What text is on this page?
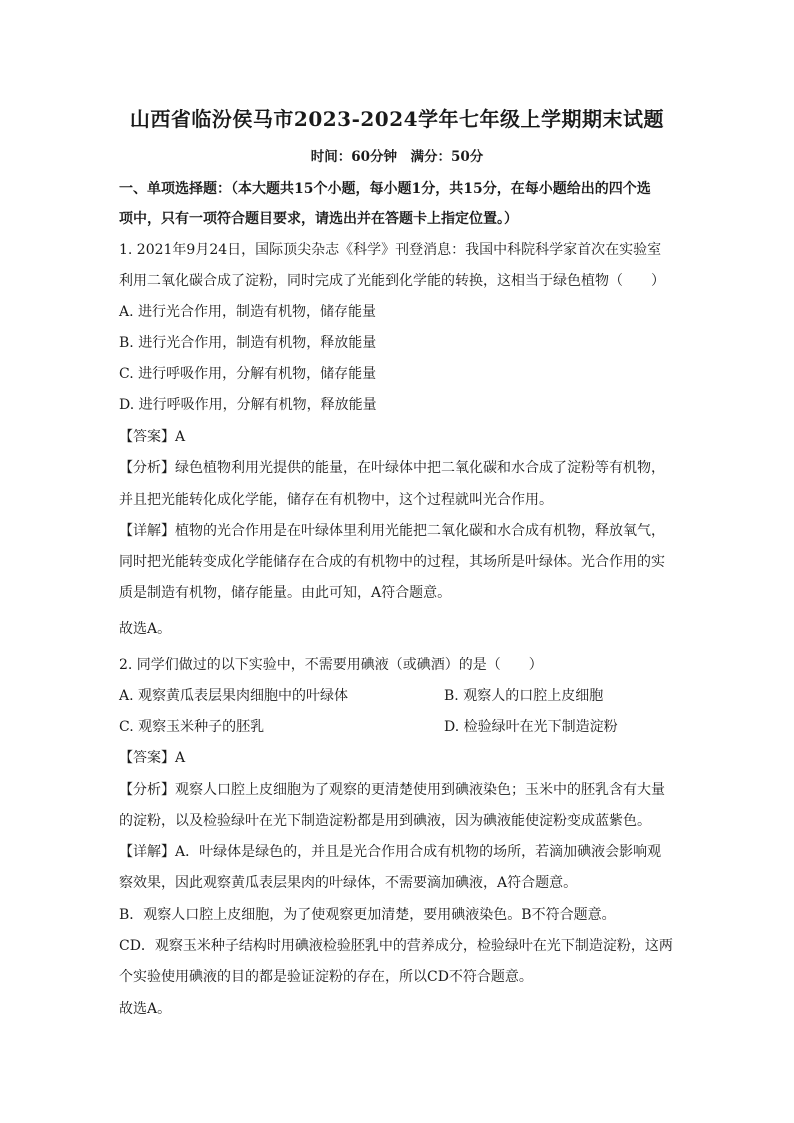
山西省临汾侯马市2023-2024学年七年级上学期期末试题
时间：60分钟　满分：50分
一、单项选择题：（本大题共15个小题，每小题1分，共15分，在每小题给出的四个选
项中，只有一项符合题目要求，请选出并在答题卡上指定位置。）
1. 2021年9月24日，国际顶尖杂志《科学》刊登消息：我国中科院科学家首次在实验室
利用二氧化碳合成了淀粉，同时完成了光能到化学能的转换，这相当于绿色植物（　　）
A. 进行光合作用，制造有机物，储存能量
B. 进行光合作用，制造有机物，释放能量
C. 进行呼吸作用，分解有机物，储存能量
D. 进行呼吸作用，分解有机物，释放能量
【答案】A
【分析】绿色植物利用光提供的能量，在叶绿体中把二氧化碳和水合成了淀粉等有机物，
并且把光能转化成化学能，储存在有机物中，这个过程就叫光合作用。
【详解】植物的光合作用是在叶绿体里利用光能把二氧化碳和水合成有机物，释放氧气，
同时把光能转变成化学能储存在合成的有机物中的过程，其场所是叶绿体。光合作用的实
质是制造有机物，储存能量。由此可知，A符合题意。
故选A。
2. 同学们做过的以下实验中，不需要用碘液（或碘酒）的是（　　）
A. 观察黄瓜表层果肉细胞中的叶绿体	B. 观察人的口腔上皮细胞
C. 观察玉米种子的胚乳	D. 检验绿叶在光下制造淀粉
【答案】A
【分析】观察人口腔上皮细胞为了观察的更清楚使用到碘液染色；玉米中的胚乳含有大量
的淀粉，以及检验绿叶在光下制造淀粉都是用到碘液，因为碘液能使淀粉变成蓝紫色。
【详解】A．叶绿体是绿色的，并且是光合作用合成有机物的场所，若滴加碘液会影响观
察效果，因此观察黄瓜表层果肉的叶绿体，不需要滴加碘液，A符合题意。
B．观察人口腔上皮细胞，为了使观察更加清楚，要用碘液染色。B不符合题意。
CD．观察玉米种子结构时用碘液检验胚乳中的营养成分，检验绿叶在光下制造淀粉，这两
个实验使用碘液的目的都是验证淀粉的存在，所以CD不符合题意。
故选A。
